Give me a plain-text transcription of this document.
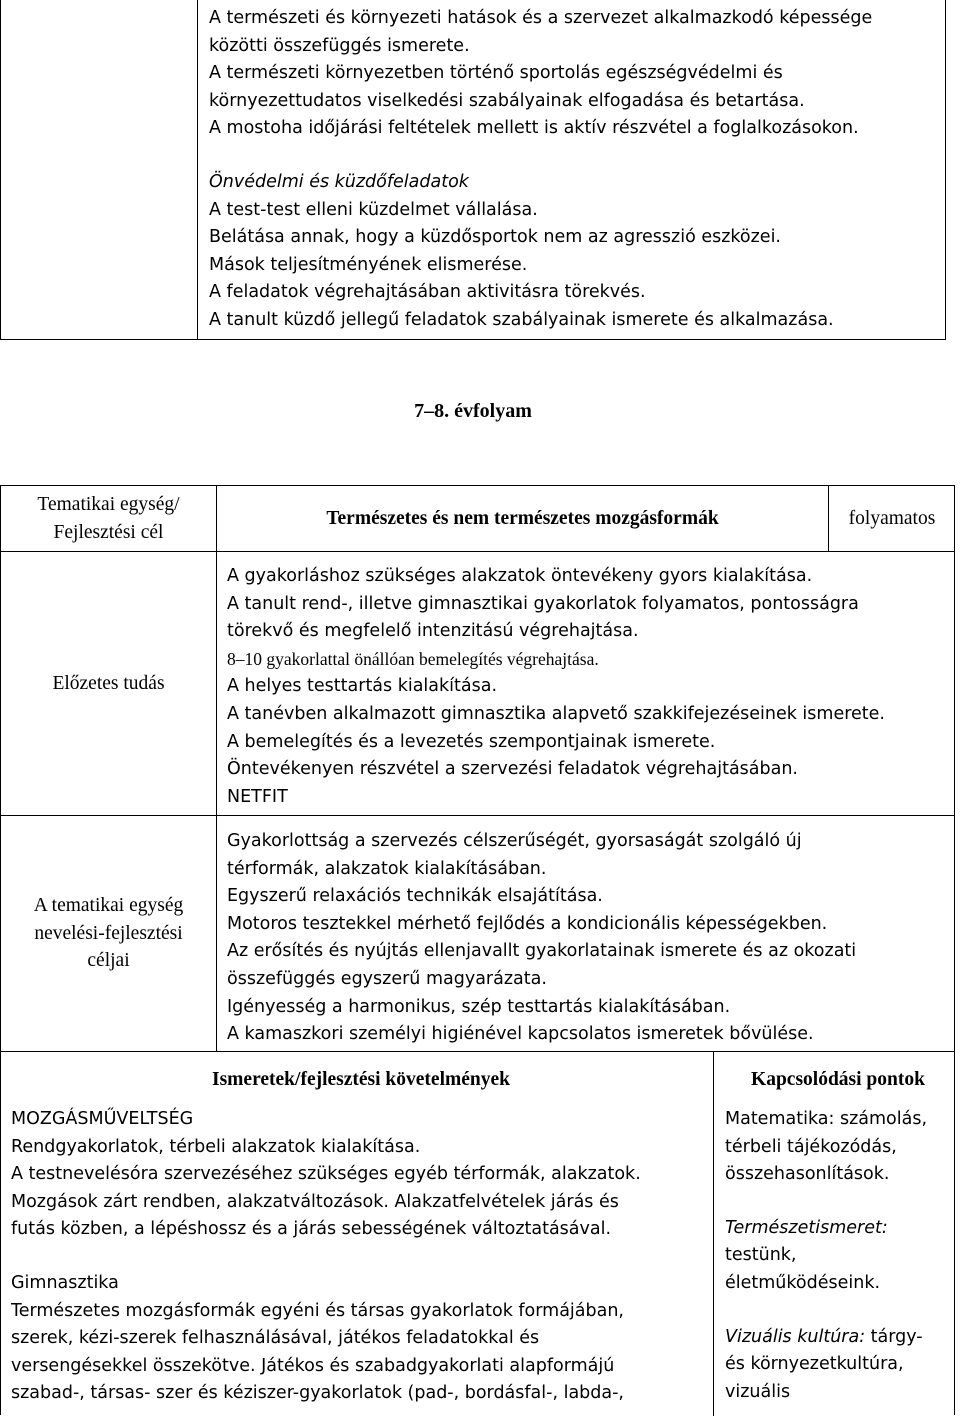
A természeti és környezeti hatások és a szervezet alkalmazkodó képessége
közötti összefüggés ismerete.
A természeti környezetben történő sportolás egészségvédelmi és
környezettudatos viselkedési szabályainak elfogadása és betartása.
A mostoha időjárási feltételek mellett is aktív részvétel a foglalkozásokon.
Önvédelmi és küzdőfeladatok
A test-test elleni küzdelmet vállalása.
Belátása annak, hogy a küzdősportok nem az agresszió eszközei.
Mások teljesítményének elismerése.
A feladatok végrehajtásában aktivitásra törekvés.
A tanult küzdő jellegű feladatok szabályainak ismerete és alkalmazása.
7–8. évfolyam
Tematikai egység/
Fejlesztési cél
Természetes és nem természetes mozgásformák	folyamatos
Előzetes tudás
A gyakorláshoz szükséges alakzatok öntevékeny gyors kialakítása.
A tanult rend-, illetve gimnasztikai gyakorlatok folyamatos, pontosságra
törekvő és megfelelő intenzitású végrehajtása.
8–10 gyakorlattal önállóan bemelegítés végrehajtása.
A helyes testtartás kialakítása.
A tanévben alkalmazott gimnasztika alapvető szakkifejezéseinek ismerete.
A bemelegítés és a levezetés szempontjainak ismerete.
Öntevékenyen részvétel a szervezési feladatok végrehajtásában.
NETFIT
A tematikai egység
nevelési-fejlesztési
céljai
Gyakorlottság a szervezés célszerűségét, gyorsaságát szolgáló új
térformák, alakzatok kialakításában.
Egyszerű relaxációs technikák elsajátítása.
Motoros tesztekkel mérhető fejlődés a kondicionális képességekben.
Az erősítés és nyújtás ellenjavallt gyakorlatainak ismerete és az okozati
összefüggés egyszerű magyarázata.
Igényesség a harmonikus, szép testtartás kialakításában.
A kamaszkori személyi higiénével kapcsolatos ismeretek bővülése.
Ismeretek/fejlesztési követelmények	Kapcsolódási pontok
MOZGÁSMŰVELTSÉG
Rendgyakorlatok, térbeli alakzatok kialakítása.
A testnevelésóra szervezéséhez szükséges egyéb térformák, alakzatok.
Mozgások zárt rendben, alakzatváltozások. Alakzatfelvételek járás és
futás közben, a lépéshossz és a járás sebességének változtatásával.
Gimnasztika
Természetes mozgásformák egyéni és társas gyakorlatok formájában,
szerek, kézi-szerek felhasználásával, játékos feladatokkal és
versengésekkel összekötve. Játékos és szabadgyakorlati alapformájú
szabad-, társas- szer és kéziszer-gyakorlatok (pad-, bordásfal-, labda-,
Matematika: számolás,
térbeli tájékozódás,
összehasonlítások.
Természetismeret:
testünk,
életműködéseink.
Vizuális kultúra: tárgy-
és környezetkultúra,
vizuális
